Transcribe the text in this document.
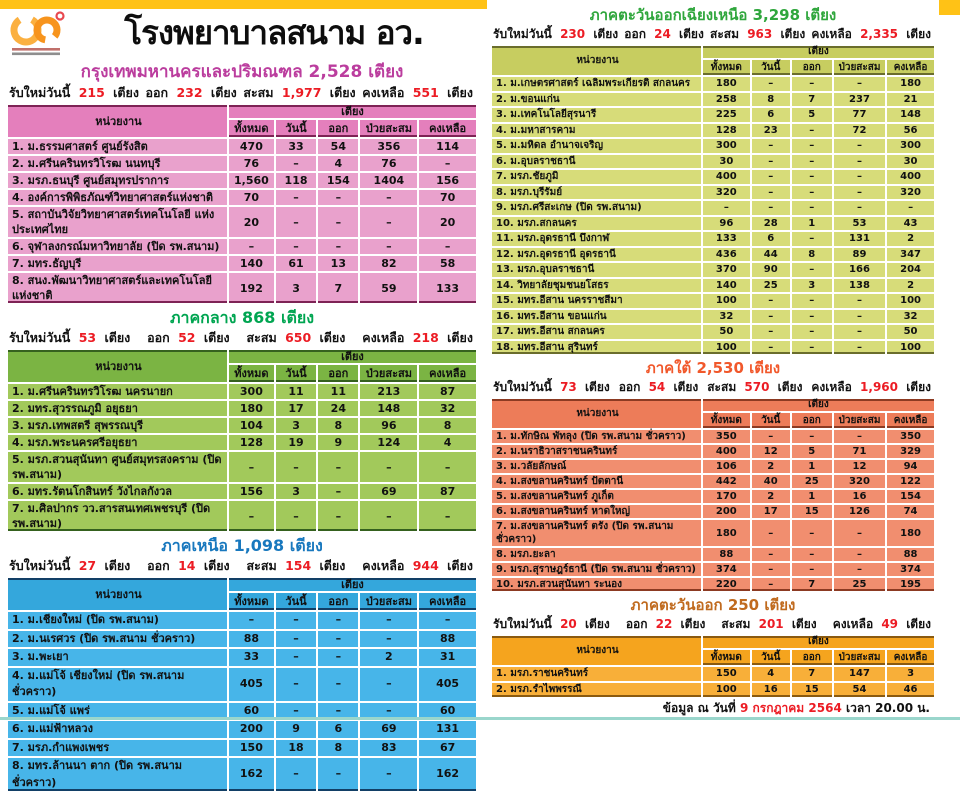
โรงพยาบาลสนาม อว.
กรุงเทพมหานครและปริมณฑล 2,528 เตียง
รับใหม่วันนี้ 215 เตียง ออก 232 เตียง สะสม 1,977 เตียง คงเหลือ 551 เตียง
หน่วยงาน	เตียง				
	ทั้งหมด	วันนี้	ออก	ป่วยสะสม	คงเหลือ
1. ม.ธรรมศาสตร์ ศูนย์รังสิต	470	33	54	356	114
2. ม.ศรีนครินทรวิโรฒ นนทบุรี	76	–	4	76	–
3. มรภ.ธนบุรี ศูนย์สมุทรปราการ	1,560	118	154	1404	156
4. องค์การพิพิธภัณฑ์วิทยาศาสตร์แห่งชาติ	70	–	–	–	70
5. สถาบันวิจัยวิทยาศาสตร์เทคโนโลยี แห่งประเทศไทย	20	–	–	–	20
6. จุฬาลงกรณ์มหาวิทยาลัย (ปิด รพ.สนาม)	–	–	–	–	–
7. มทร.ธัญบุรี	140	61	13	82	58
8. สนง.พัฒนาวิทยาศาสตร์และเทคโนโลยีแห่งชาติ	192	3	7	59	133
ภาคกลาง 868 เตียง
รับใหม่วันนี้ 53 เตียง ออก 52 เตียง สะสม 650 เตียง คงเหลือ 218 เตียง
หน่วยงาน	เตียง				
	ทั้งหมด	วันนี้	ออก	ป่วยสะสม	คงเหลือ
1. ม.ศรีนครินทรวิโรฒ นครนายก	300	11	11	213	87
2. มทร.สุวรรณภูมิ อยุธยา	180	17	24	148	32
3. มรภ.เทพสตรี สุพรรณบุรี	104	3	8	96	8
4. มรภ.พระนครศรีอยุธยา	128	19	9	124	4
5. มรภ.สวนสุนันทา ศูนย์สมุทรสงคราม (ปิด รพ.สนาม)	–	–	–	–	–
6. มทร.รัตนโกสินทร์ วังไกลกังวล	156	3	–	69	87
7. ม.ศิลปากร วว.สารสนเทศเพชรบุรี (ปิด รพ.สนาม)	–	–	–	–	–
ภาคเหนือ 1,098 เตียง
รับใหม่วันนี้ 27 เตียง ออก 14 เตียง สะสม 154 เตียง คงเหลือ 944 เตียง
หน่วยงาน	เตียง				
	ทั้งหมด	วันนี้	ออก	ป่วยสะสม	คงเหลือ
1. ม.เชียงใหม่ (ปิด รพ.สนาม)	–	–	–	–	–
2. ม.นเรศวร (ปิด รพ.สนาม ชั่วคราว)	88	–	–	–	88
3. ม.พะเยา	33	–	–	2	31
4. ม.แม่โจ้ เชียงใหม่ (ปิด รพ.สนาม ชั่วคราว)	405	–	–	–	405
5. ม.แม่โจ้ แพร่	60	–	–	–	60
6. ม.แม่ฟ้าหลวง	200	9	6	69	131
7. มรภ.กำแพงเพชร	150	18	8	83	67
8. มทร.ล้านนา ตาก (ปิด รพ.สนาม ชั่วคราว)	162	–	–	–	162
ภาคตะวันออกเฉียงเหนือ 3,298 เตียง
รับใหม่วันนี้ 230 เตียง ออก 24 เตียง สะสม 963 เตียง คงเหลือ 2,335 เตียง
หน่วยงาน	เตียง				
	ทั้งหมด	วันนี้	ออก	ป่วยสะสม	คงเหลือ
1. ม.เกษตรศาสตร์ เฉลิมพระเกียรติ สกลนคร	180	–	–	–	180
2. ม.ขอนแก่น	258	8	7	237	21
3. ม.เทคโนโลยีสุรนารี	225	6	5	77	148
4. ม.มหาสารคาม	128	23	–	72	56
5. ม.มหิดล อำนาจเจริญ	300	–	–	–	300
6. ม.อุบลราชธานี	30	–	–	–	30
7. มรภ.ชัยภูมิ	400	–	–	–	400
8. มรภ.บุรีรัมย์	320	–	–	–	320
9. มรภ.ศรีสะเกษ (ปิด รพ.สนาม)	–	–	–	–	–
10. มรภ.สกลนคร	96	28	1	53	43
11. มรภ.อุดรธานี บึงกาฬ	133	6	–	131	2
12. มรภ.อุดรธานี อุดรธานี	436	44	8	89	347
13. มรภ.อุบลราชธานี	370	90	–	166	204
14. วิทยาลัยชุมชนยโสธร	140	25	3	138	2
15. มทร.อีสาน นครราชสีมา	100	–	–	–	100
16. มทร.อีสาน ขอนแก่น	32	–	–	–	32
17. มทร.อีสาน สกลนคร	50	–	–	–	50
18. มทร.อีสาน สุรินทร์	100	–	–	–	100
ภาคใต้ 2,530 เตียง
รับใหม่วันนี้ 73 เตียง ออก 54 เตียง สะสม 570 เตียง คงเหลือ 1,960 เตียง
หน่วยงาน	เตียง				
	ทั้งหมด	วันนี้	ออก	ป่วยสะสม	คงเหลือ
1. ม.ทักษิณ พัทลุง (ปิด รพ.สนาม ชั่วคราว)	350	–	–	–	350
2. ม.นราธิวาสราชนครินทร์	400	12	5	71	329
3. ม.วลัยลักษณ์	106	2	1	12	94
4. ม.สงขลานครินทร์ ปัตตานี	442	40	25	320	122
5. ม.สงขลานครินทร์ ภูเก็ต	170	2	1	16	154
6. ม.สงขลานครินทร์ หาดใหญ่	200	17	15	126	74
7. ม.สงขลานครินทร์ ตรัง (ปิด รพ.สนาม ชั่วคราว)	180	–	–	–	180
8. มรภ.ยะลา	88	–	–	–	88
9. มรภ.สุราษฎร์ธานี (ปิด รพ.สนาม ชั่วคราว)	374	–	–	–	374
10. มรภ.สวนสุนันทา ระนอง	220	–	7	25	195
ภาคตะวันออก 250 เตียง
รับใหม่วันนี้ 20 เตียง ออก 22 เตียง สะสม 201 เตียง คงเหลือ 49 เตียง
หน่วยงาน	เตียง				
	ทั้งหมด	วันนี้	ออก	ป่วยสะสม	คงเหลือ
1. มรภ.ราชนครินทร์	150	4	7	147	3
2. มรภ.รำไพพรรณี	100	16	15	54	46
ข้อมูล ณ วันที่ 9 กรกฎาคม 2564 เวลา 20.00 น.
